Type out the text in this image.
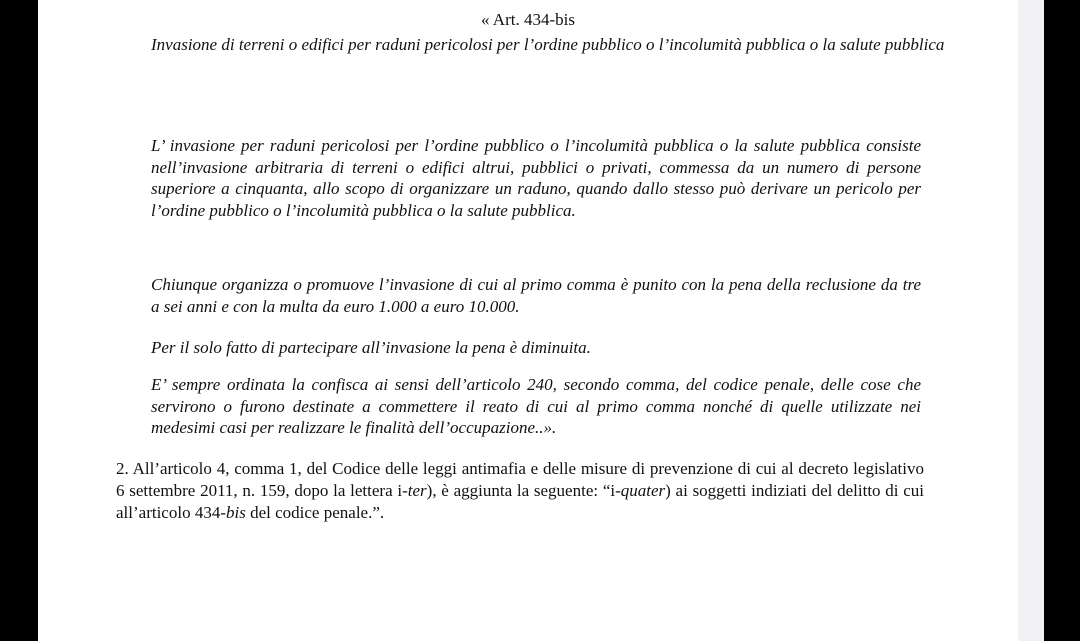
« Art. 434-bis

Invasione di terreni o edifici per raduni pericolosi per l’ordine pubblico o l’incolumità pubblica o la salute pubblica

L’ invasione per raduni pericolosi per l’ordine pubblico o l’incolumità pubblica o la salute pubblica consiste nell’invasione arbitraria di terreni o edifici altrui, pubblici o privati, commessa da un numero di persone superiore a cinquanta, allo scopo di organizzare un raduno, quando dallo stesso può derivare un pericolo per l’ordine pubblico o l’incolumità pubblica o la salute pubblica.

Chiunque organizza o promuove l’invasione di cui al primo comma è punito con la pena della reclusione da tre a sei anni e con la multa da euro 1.000 a euro 10.000.

Per il solo fatto di partecipare all’invasione la pena è diminuita.

E’ sempre ordinata la confisca ai sensi dell’articolo 240, secondo comma, del codice penale, delle cose che servirono o furono destinate a commettere il reato di cui al primo comma nonché di quelle utilizzate nei medesimi casi per realizzare le finalità dell’occupazione..».

2. All’articolo 4, comma 1, del Codice delle leggi antimafia e delle misure di prevenzione di cui al decreto legislativo 6 settembre 2011, n. 159, dopo la lettera i-ter), è aggiunta la seguente: “i-quater) ai soggetti indiziati del delitto di cui all’articolo 434-bis del codice penale.”.
